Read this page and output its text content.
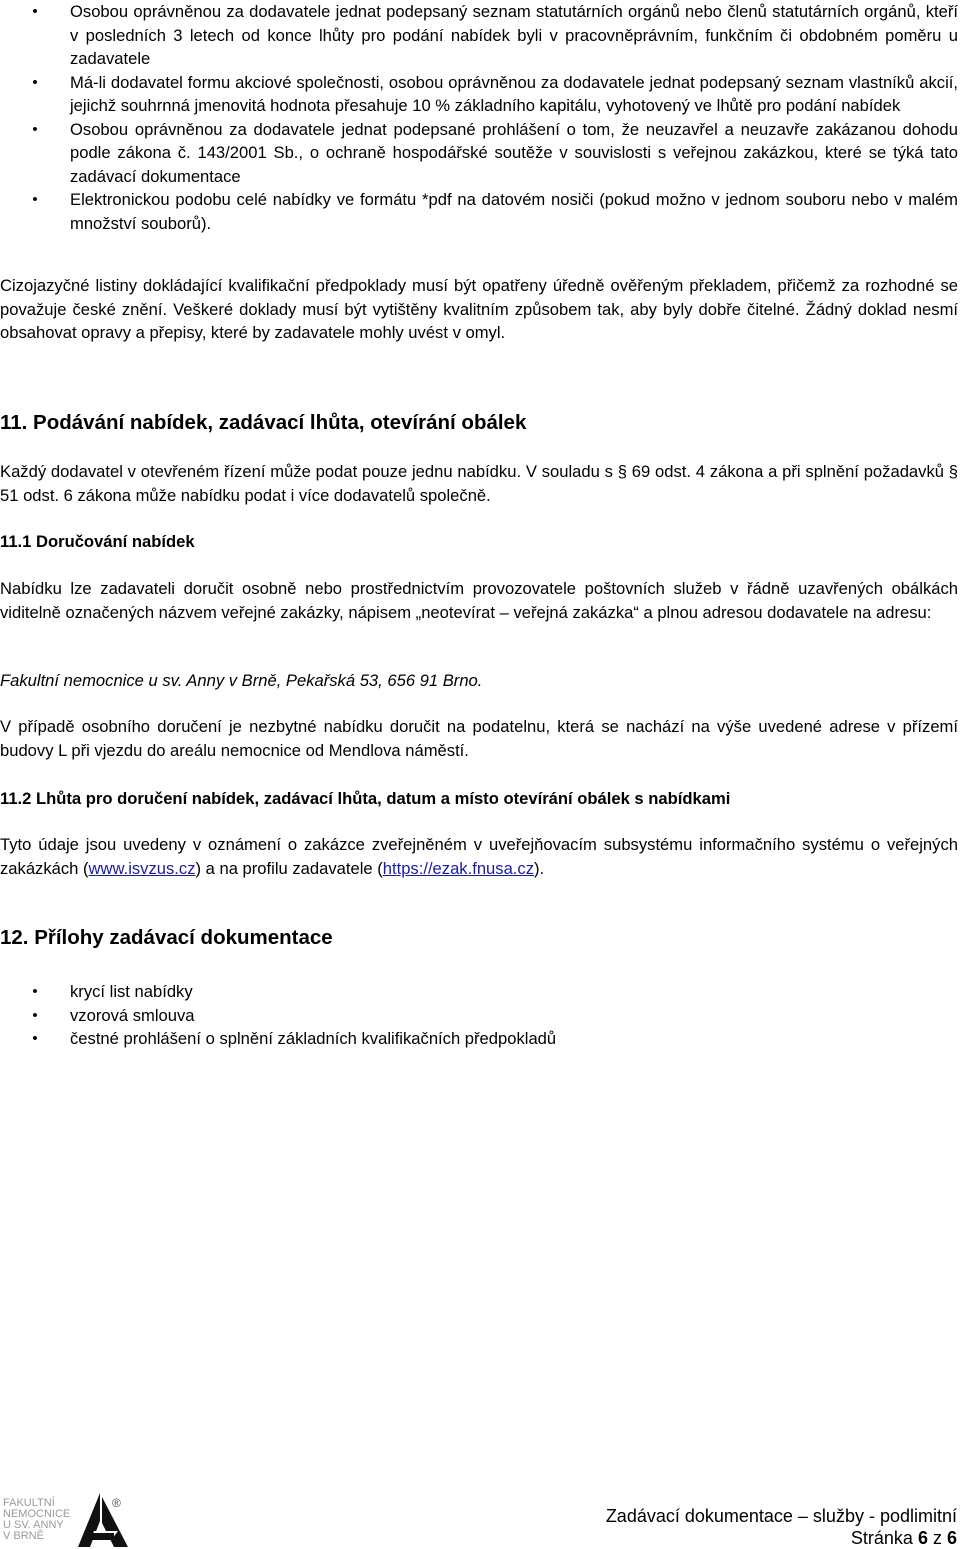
• Osobou oprávněnou za dodavatele jednat podepsaný seznam statutárních orgánů nebo členů statutárních orgánů, kteří v posledních 3 letech od konce lhůty pro podání nabídek byli v pracovněprávním, funkčním či obdobném poměru u zadavatele
• Má-li dodavatel formu akciové společnosti, osobou oprávněnou za dodavatele jednat podepsaný seznam vlastníků akcií, jejichž souhrnná jmenovitá hodnota přesahuje 10 % základního kapitálu, vyhotovený ve lhůtě pro podání nabídek
• Osobou oprávněnou za dodavatele jednat podepsané prohlášení o tom, že neuzavřel a neuzavře zakázanou dohodu podle zákona č. 143/2001 Sb., o ochraně hospodářské soutěže v souvislosti s veřejnou zakázkou, které se týká tato zadávací dokumentace
• Elektronickou podobu celé nabídky ve formátu *pdf na datovém nosiči (pokud možno v jednom souboru nebo v malém množství souborů).

Cizojazyčné listiny dokládající kvalifikační předpoklady musí být opatřeny úředně ověřeným překladem, přičemž za rozhodné se považuje české znění. Veškeré doklady musí být vytištěny kvalitním způsobem tak, aby byly dobře čitelné. Žádný doklad nesmí obsahovat opravy a přepisy, které by zadavatele mohly uvést v omyl.

11. Podávání nabídek, zadávací lhůta, otevírání obálek

Každý dodavatel v otevřeném řízení může podat pouze jednu nabídku. V souladu s § 69 odst. 4 zákona a při splnění požadavků § 51 odst. 6 zákona může nabídku podat i více dodavatelů společně.

11.1 Doručování nabídek

Nabídku lze zadavateli doručit osobně nebo prostřednictvím provozovatele poštovních služeb v řádně uzavřených obálkách viditelně označených názvem veřejné zakázky, nápisem „neotevírat – veřejná zakázka“ a plnou adresou dodavatele na adresu:

Fakultní nemocnice u sv. Anny v Brně, Pekařská 53, 656 91 Brno.

V případě osobního doručení je nezbytné nabídku doručit na podatelnu, která se nachází na výše uvedené adrese v přízemí budovy L při vjezdu do areálu nemocnice od Mendlova náměstí.

11.2 Lhůta pro doručení nabídek, zadávací lhůta, datum a místo otevírání obálek s nabídkami

Tyto údaje jsou uvedeny v oznámení o zakázce zveřejněném v uveřejňovacím subsystému informačního systému o veřejných zakázkách (www.isvzus.cz) a na profilu zadavatele (https://ezak.fnusa.cz).

12. Přílohy zadávací dokumentace
• krycí list nabídky
• vzorová smlouva
• čestné prohlášení o splnění základních kvalifikačních předpokladů
FAKULTNÍ
NEMOCNICE
U SV. ANNY
V BRNĚ
®
Zadávací dokumentace – služby - podlimitní
Stránka 6 z 6
